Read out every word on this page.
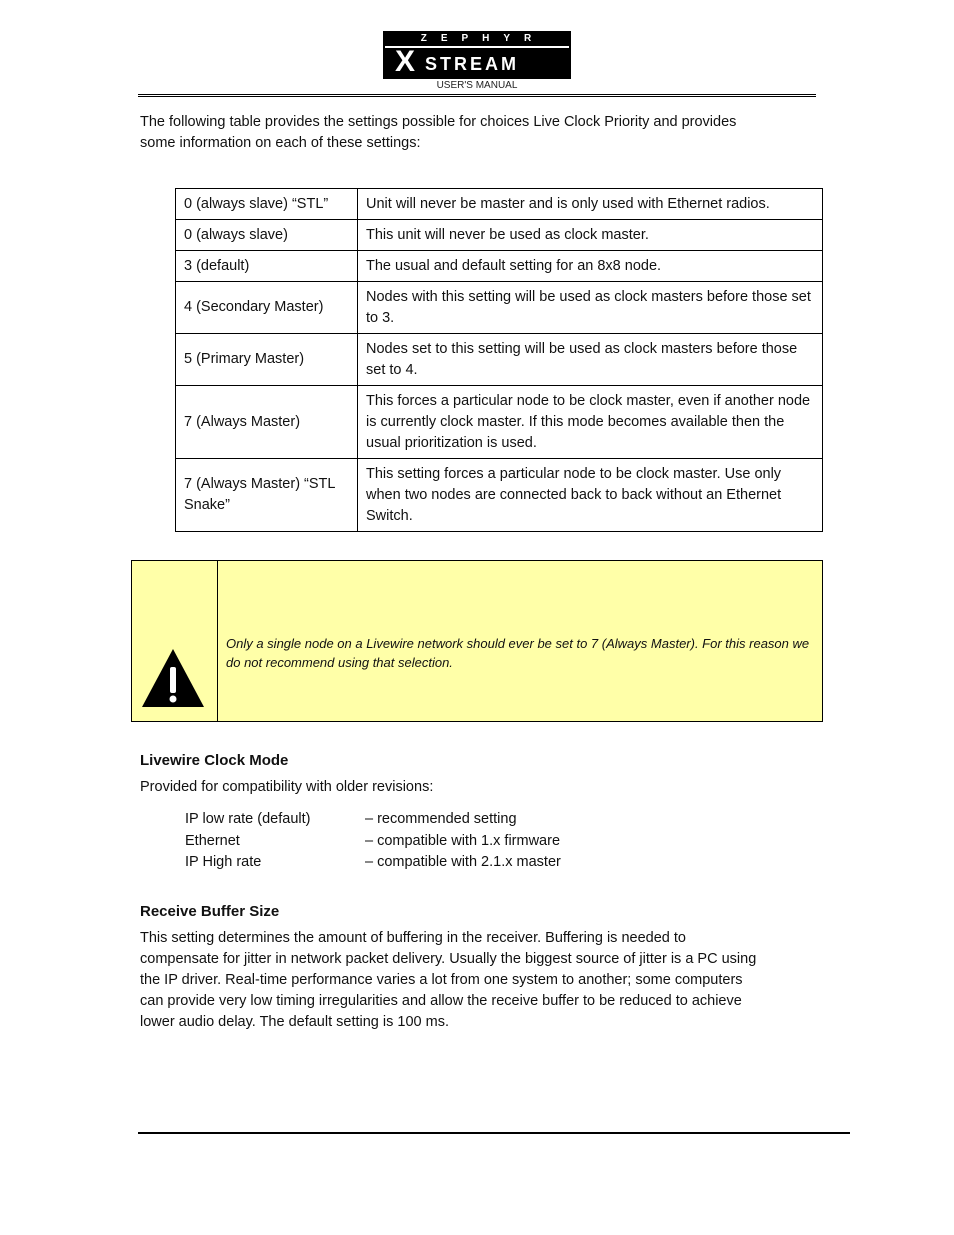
ZEPHYR
X STREAM
USER'S MANUAL
The following table provides the settings possible for choices Live Clock Priority and provides
some information on each of these settings:
0 (always slave) “STL”	Unit will never be master and is only used with Ethernet radios.
0 (always slave)	This unit will never be used as clock master.
3 (default)	The usual and default setting for an 8x8 node.
4 (Secondary Master)	Nodes with this setting will be used as clock masters before those set to 3.
5 (Primary Master)	Nodes set to this setting will be used as clock masters before those set to 4.
7 (Always Master)	This forces a particular node to be clock master, even if another node is currently clock master. If this mode becomes available then the usual prioritization is used.
7 (Always Master) “STL Snake”	This setting forces a particular node to be clock master. Use only when two nodes are connected back to back without an Ethernet Switch.
Only a single node on a Livewire network should ever be set to 7 (Always Master). For this reason we do not recommend using that selection.
Livewire Clock Mode
Provided for compatibility with older revisions:
IP low rate (default)	– recommended setting
Ethernet	– compatible with 1.x firmware
IP High rate	– compatible with 2.1.x master
Receive Buffer Size
This setting determines the amount of buffering in the receiver. Buffering is needed to
compensate for jitter in network packet delivery. Usually the biggest source of jitter is a PC using
the IP driver. Real-time performance varies a lot from one system to another; some computers
can provide very low timing irregularities and allow the receive buffer to be reduced to achieve
lower audio delay. The default setting is 100 ms.
